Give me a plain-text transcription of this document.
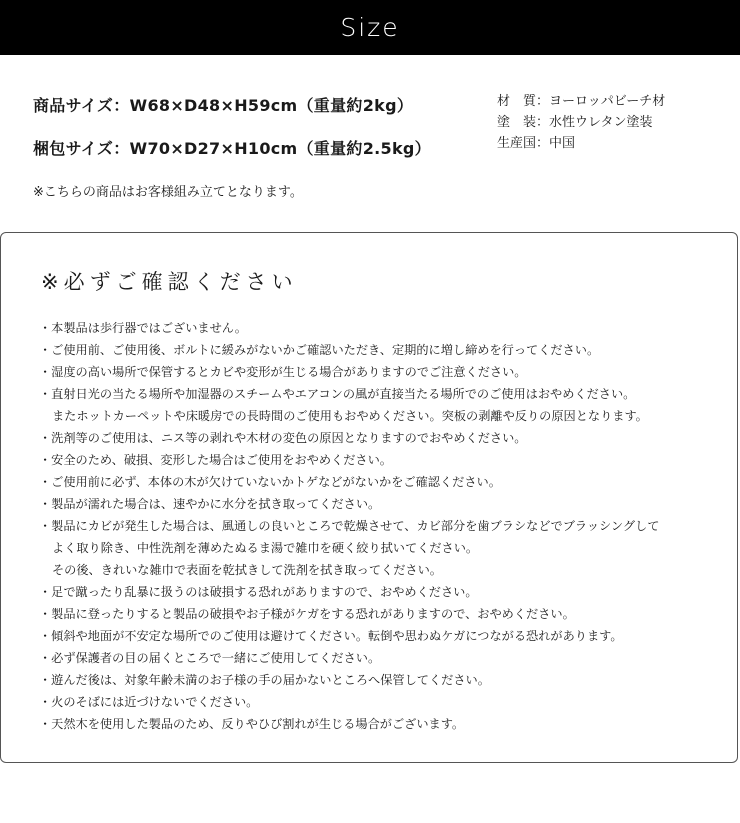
Size
商品サイズ：W68×D48×H59cm（重量約2kg）
梱包サイズ：W70×D27×H10cm（重量約2.5kg）
材　質：ヨーロッパビーチ材
塗　装：水性ウレタン塗装
生産国：中国
※こちらの商品はお客様組み立てとなります。
※必ずご確認ください
・本製品は歩行器ではございません。
・ご使用前、ご使用後、ボルトに緩みがないかご確認いただき、定期的に増し締めを行ってください。
・湿度の高い場所で保管するとカビや変形が生じる場合がありますのでご注意ください。
・直射日光の当たる場所や加湿器のスチームやエアコンの風が直接当たる場所でのご使用はおやめください。
またホットカーペットや床暖房での長時間のご使用もおやめください。突板の剥離や反りの原因となります。
・洗剤等のご使用は、ニス等の剥れや木材の変色の原因となりますのでおやめください。
・安全のため、破損、変形した場合はご使用をおやめください。
・ご使用前に必ず、本体の木が欠けていないかトゲなどがないかをご確認ください。
・製品が濡れた場合は、速やかに水分を拭き取ってください。
・製品にカビが発生した場合は、風通しの良いところで乾燥させて、カビ部分を歯ブラシなどでブラッシングして
よく取り除き、中性洗剤を薄めたぬるま湯で雑巾を硬く絞り拭いてください。
その後、きれいな雑巾で表面を乾拭きして洗剤を拭き取ってください。
・足で蹴ったり乱暴に扱うのは破損する恐れがありますので、おやめください。
・製品に登ったりすると製品の破損やお子様がケガをする恐れがありますので、おやめください。
・傾斜や地面が不安定な場所でのご使用は避けてください。転倒や思わぬケガにつながる恐れがあります。
・必ず保護者の目の届くところで一緒にご使用してください。
・遊んだ後は、対象年齢未満のお子様の手の届かないところへ保管してください。
・火のそばには近づけないでください。
・天然木を使用した製品のため、反りやひび割れが生じる場合がございます。
